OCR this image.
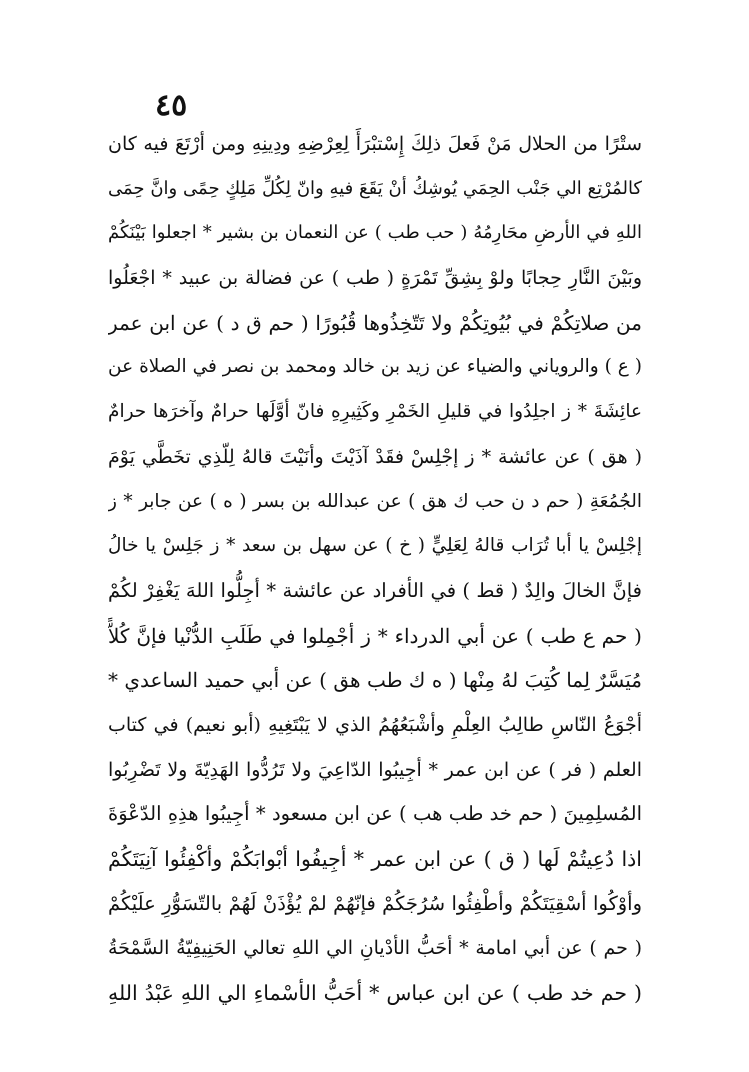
٤٥
ستْرًا من الحلال مَنْ فَعلَ ذلِكَ إِسْتبْرَأَ لِعِرْضِهِ ودِينِهِ ومن أرْتَعَ فيه كان
كالمُرْتِع الي جَنْب الحِمَي يُوشِكُ أنْ يَقَعَ فيهِ وانّ لِكُلِّ مَلِكٍ حِمًى وانَّ حِمَى
اللهِ في الأرضِ محَارِمُهُ ( حب طب ) عن النعمان بن بشير * اجعلوا بَيْنَكُمْ
وبَيْنَ النَّارِ حِجابًا ولوْ بِشِقِّ تَمْرَةٍ ( طب ) عن فضالة بن عبيد * اجْعَلُوا
من صلاتِكُمْ في بُيُوتِكُمْ ولا تَتّخِذُوها قُبُورًا ( حم ق د ) عن ابن عمر
( ع ) والروياني والضياء عن زيد بن خالد ومحمد بن نصر في الصلاة عن
عائِشَةَ * ز اجلِدُوا في قليلِ الخَمْرِ وكَثِيرِهِ فانّ أوَّلَها حرامٌ وآخرَها حرامٌ
( هق ) عن عائشة * ز إجْلِسْ فقَدْ آذَيْتَ وأنَيْتَ قالهُ لِلّذِي تخَطَّي يَوْمَ
الجُمُعَةِ ( حم د ن حب ك هق ) عن عبدالله بن بسر ( ه ) عن جابر * ز
إجْلِسْ يا أبا تُرَاب قالهُ لِعَلِيٍّ ( خ ) عن سهل بن سعد * ز جَلِسْ يا خالُ
فإنَّ الخالَ والِدٌ ( قط ) في الأفراد عن عائشة * أجِلُّوا اللهَ يَغْفِرْ لكُمْ
( حم ع طب ) عن أبي الدرداء * ز أجْمِلوا في طَلَبِ الدُّنْيا فإنَّ كُلاًّ
مُيَسَّرٌ لِما كُتِبَ لهُ مِنْها ( ه ك طب هق ) عن أبي حميد الساعدي *
أجْوَعُ النّاسِ طالِبُ العِلْمِ وأشْبَعُهُمُ الذي لا يَبْتَغِيهِ (أبو نعيم) في كتاب
العلم ( فر ) عن ابن عمر * أجِيبُوا الدّاعِيَ ولا تَرُدُّوا الهَدِيّةَ ولا تَضْرِبُوا
المُسلِمِينَ ( حم خد طب هب ) عن ابن مسعود * أجِيبُوا هذِهِ الدّعْوَةَ
اذا دُعِيتُمْ لَها ( ق ) عن ابن عمر * أجِيفُوا أبْوابَكُمْ وأكْفِئُوا آنِيَتَكُمْ
وأوْكُوا أسْقِيَتَكُمْ وأطْفِئُوا سُرُجَكُمْ فإنّهُمْ لمْ يُؤْذَنْ لَهُمْ بالتّسَوُّرِ علَيْكُمْ
( حم ) عن أبي امامة * أحَبُّ الأدْيانِ الي اللهِ تعالي الحَنِيفِيّةُ السَّمْحَةُ
( حم خد طب ) عن ابن عباس * أحَبُّ الأسْماءِ الي اللهِ عَبْدُ اللهِ
